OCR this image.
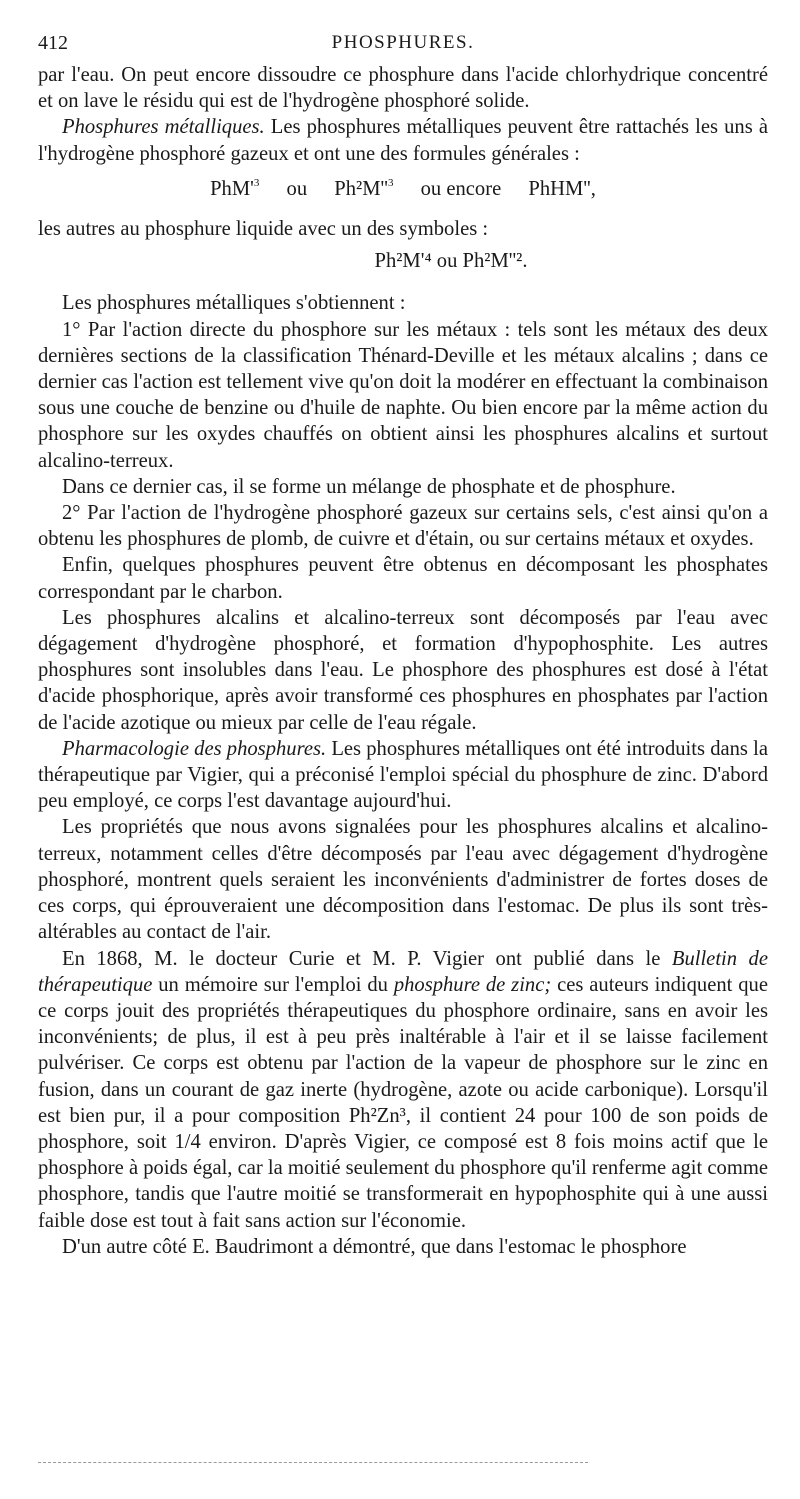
412	PHOSPHURES.

par l'eau. On peut encore dissoudre ce phosphure dans l'acide chlorhydrique concentré et on lave le résidu qui est de l'hydrogène phosphoré solide.

Phosphures métalliques. Les phosphures métalliques peuvent être rattachés les uns à l'hydrogène phosphoré gazeux et ont une des formules générales :

$PhM'^3$ ou $Ph^2M''^3$ ou encore PhHM'',

les autres au phosphure liquide avec un des symboles :

Ph²M'⁴ ou Ph²M''².

Les phosphures métalliques s'obtiennent :

1° Par l'action directe du phosphore sur les métaux : tels sont les métaux des deux dernières sections de la classification Thénard-Deville et les métaux alcalins ; dans ce dernier cas l'action est tellement vive qu'on doit la modérer en effectuant la combinaison sous une couche de benzine ou d'huile de naphte. Ou bien encore par la même action du phosphore sur les oxydes chauffés on obtient ainsi les phosphures alcalins et surtout alcalino-terreux.

Dans ce dernier cas, il se forme un mélange de phosphate et de phosphure.

2° Par l'action de l'hydrogène phosphoré gazeux sur certains sels, c'est ainsi qu'on a obtenu les phosphures de plomb, de cuivre et d'étain, ou sur certains métaux et oxydes.

Enfin, quelques phosphures peuvent être obtenus en décomposant les phosphates correspondant par le charbon.

Les phosphures alcalins et alcalino-terreux sont décomposés par l'eau avec dégagement d'hydrogène phosphoré, et formation d'hypophosphite. Les autres phosphures sont insolubles dans l'eau. Le phosphore des phosphures est dosé à l'état d'acide phosphorique, après avoir transformé ces phosphures en phosphates par l'action de l'acide azotique ou mieux par celle de l'eau régale.

Pharmacologie des phosphures. Les phosphures métalliques ont été introduits dans la thérapeutique par Vigier, qui a préconisé l'emploi spécial du phosphure de zinc. D'abord peu employé, ce corps l'est davantage aujourd'hui.

Les propriétés que nous avons signalées pour les phosphures alcalins et alcalino-terreux, notamment celles d'être décomposés par l'eau avec dégagement d'hydrogène phosphoré, montrent quels seraient les inconvénients d'administrer de fortes doses de ces corps, qui éprouveraient une décomposition dans l'estomac. De plus ils sont très-altérables au contact de l'air.

En 1868, M. le docteur Curie et M. P. Vigier ont publié dans le Bulletin de thérapeutique un mémoire sur l'emploi du phosphure de zinc; ces auteurs indiquent que ce corps jouit des propriétés thérapeutiques du phosphore ordinaire, sans en avoir les inconvénients; de plus, il est à peu près inaltérable à l'air et il se laisse facilement pulvériser. Ce corps est obtenu par l'action de la vapeur de phosphore sur le zinc en fusion, dans un courant de gaz inerte (hydrogène, azote ou acide carbonique). Lorsqu'il est bien pur, il a pour composition Ph²Zn³, il contient 24 pour 100 de son poids de phosphore, soit 1/4 environ. D'après Vigier, ce composé est 8 fois moins actif que le phosphore à poids égal, car la moitié seulement du phosphore qu'il renferme agit comme phosphore, tandis que l'autre moitié se transformerait en hypophosphite qui à une aussi faible dose est tout à fait sans action sur l'économie.

D'un autre côté E. Baudrimont a démontré, que dans l'estomac le phosphore
